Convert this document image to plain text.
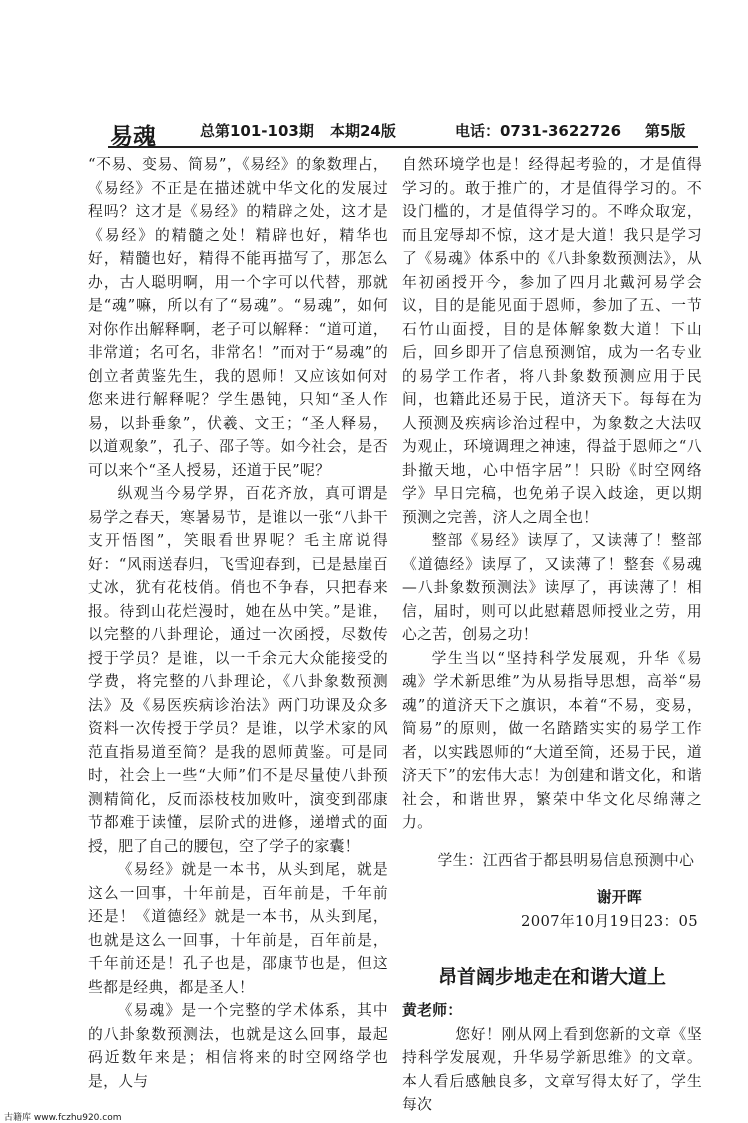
易魂	总第101-103期 本期24版	电话：0731-3622726 第5版

“不易、变易、简易”，《易经》的象数理占，《易经》不正是在描述就中华文化的发展过程吗？这才是《易经》的精辟之处，这才是《易经》的精髓之处！精辟也好，精华也好，精髓也好，精得不能再描写了，那怎么办，古人聪明啊，用一个字可以代替，那就是“魂”嘛，所以有了“易魂”。“易魂”，如何对你作出解释啊，老子可以解释：“道可道，非常道；名可名，非常名！”而对于“易魂”的创立者黄鉴先生，我的恩师！又应该如何对您来进行解释呢？学生愚钝，只知“圣人作易，以卦垂象”，伏羲、文王；“圣人释易，以道观象”，孔子、邵子等。如今社会，是否可以来个“圣人授易，还道于民”呢？

纵观当今易学界，百花齐放，真可谓是易学之春天，寒暑易节，是谁以一张“八卦干支开悟图”，笑眼看世界呢？毛主席说得好：“风雨送春归，飞雪迎春到，已是悬崖百丈冰，犹有花枝俏。俏也不争春，只把春来报。待到山花烂漫时，她在丛中笑。”是谁，以完整的八卦理论，通过一次函授，尽数传授于学员？是谁，以一千余元大众能接受的学费，将完整的八卦理论，《八卦象数预测法》及《易医疾病诊治法》两门功课及众多资料一次传授于学员？是谁，以学术家的风范直指易道至简？是我的恩师黄鉴。可是同时，社会上一些“大师”们不是尽量使八卦预测精简化，反而添枝枝加败叶，演变到邵康节都难于读懂，层阶式的进修，递增式的面授，肥了自己的腰包，空了学子的家囊！

《易经》就是一本书，从头到尾，就是这么一回事，十年前是，百年前是，千年前还是！《道德经》就是一本书，从头到尾，也就是这么一回事，十年前是，百年前是，千年前还是！孔子也是，邵康节也是，但这些都是经典，都是圣人！

《易魂》是一个完整的学术体系，其中的八卦象数预测法，也就是这么回事，最起码近数年来是；相信将来的时空网络学也是，人与

自然环境学也是！经得起考验的，才是值得学习的。敢于推广的，才是值得学习的。不设门槛的，才是值得学习的。不哗众取宠，而且宠辱却不惊，这才是大道！我只是学习了《易魂》体系中的《八卦象数预测法》，从年初函授开今，参加了四月北戴河易学会议，目的是能见面于恩师，参加了五、一节石竹山面授，目的是体解象数大道！下山后，回乡即开了信息预测馆，成为一名专业的易学工作者，将八卦象数预测应用于民间，也籍此还易于民，道济天下。每每在为人预测及疾病诊治过程中，为象数之大法叹为观止，环境调理之神速，得益于恩师之“八卦撤天地，心中悟字居”！只盼《时空网络学》早日完稿，也免弟子误入歧途，更以期预测之完善，济人之周全也！

整部《易经》读厚了，又读薄了！整部《道德经》读厚了，又读薄了！整套《易魂—八卦象数预测法》读厚了，再读薄了！相信，届时，则可以此慰藉恩师授业之劳，用心之苦，创易之功！

学生当以“坚持科学发展观，升华《易魂》学术新思维”为从易指导思想，高举“易魂”的道济天下之旗识，本着“不易，变易，简易”的原则，做一名踏踏实实的易学工作者，以实践恩师的“大道至简，还易于民，道济天下”的宏伟大志！为创建和谐文化，和谐社会，和谐世界，繁荣中华文化尽绵薄之力。

学生：江西省于都县明易信息预测中心

谢开晖

2007年10月19日23：05

昂首阔步地走在和谐大道上

黄老师：

您好！刚从网上看到您新的文章《坚持科学发展观，升华易学新思维》的文章。本人看后感触良多，文章写得太好了，学生每次

古籍库 www.fczhu920.com
